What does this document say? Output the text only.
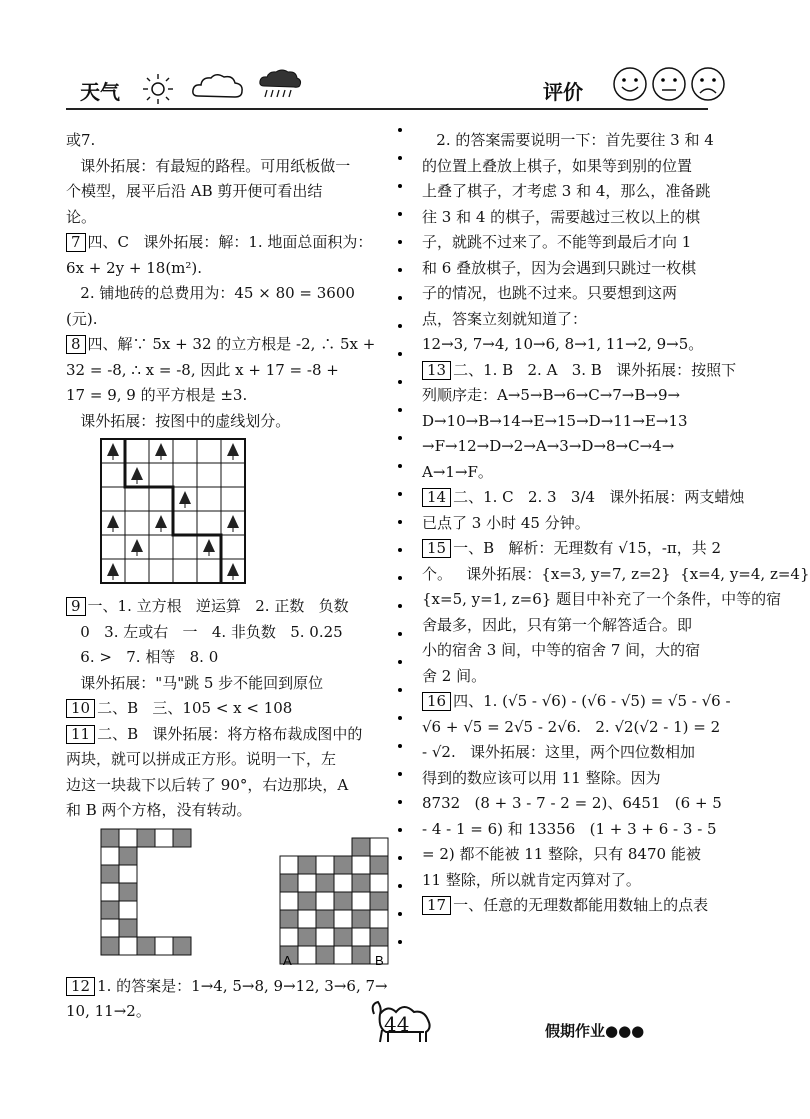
天气	评价

或7.

课外拓展：有最短的路程。可用纸板做一

个模型，展平后沿 AB 剪开便可看出结

论。

7 四、C   课外拓展：解：1. 地面总面积为：

6x + 2y + 18(m²).

2. 铺地砖的总费用为：45 × 80 = 3600

(元).

8 四、解∵ 5x + 32 的立方根是 -2, ∴ 5x +

32 = -8, ∴ x = -8, 因此 x + 17 = -8 +

17 = 9, 9 的平方根是 ±3.

课外拓展：按图中的虚线划分。

9 一、1. 立方根   逆运算   2. 正数   负数

0   3. 左或右   一   4. 非负数   5. 0.25

6. >   7. 相等   8. 0

课外拓展："马"跳 5 步不能回到原位

10 二、B   三、105 < x < 108

11 二、B   课外拓展：将方格布裁成图中的

两块，就可以拼成正方形。说明一下，左

边这一块裁下以后转了 90°，右边那块，A

和 B 两个方格，没有转动。

A	B

12 1. 的答案是：1→4, 5→8, 9→12, 3→6, 7→

10, 11→2。

2. 的答案需要说明一下：首先要往 3 和 4

的位置上叠放上棋子，如果等到别的位置

上叠了棋子，才考虑 3 和 4，那么，准备跳

往 3 和 4 的棋子，需要越过三枚以上的棋

子，就跳不过来了。不能等到最后才向 1

和 6 叠放棋子，因为会遇到只跳过一枚棋

子的情况，也跳不过来。只要想到这两

点，答案立刻就知道了：

12→3, 7→4, 10→6, 8→1, 11→2, 9→5。

13 二、1. B   2. A   3. B   课外拓展：按照下

列顺序走：A→5→B→6→C→7→B→9→

D→10→B→14→E→15→D→11→E→13

→F→12→D→2→A→3→D→8→C→4→

A→1→F。

14 二、1. C   2. 3   3/4   课外拓展：两支蜡烛

已点了 3 小时 45 分钟。

15 一、B   解析：无理数有 √15，-π，共 2

个。   课外拓展：{x=3, y=7, z=2}  {x=4, y=4, z=4}

{x=5, y=1, z=6} 题目中补充了一个条件，中等的宿

舍最多，因此，只有第一个解答适合。即

小的宿舍 3 间，中等的宿舍 7 间，大的宿

舍 2 间。

16 四、1. (√5 - √6) - (√6 - √5) = √5 - √6 -

√6 + √5 = 2√5 - 2√6.   2. √2(√2 - 1) = 2

- √2.   课外拓展：这里，两个四位数相加

得到的数应该可以用 11 整除。因为

8732   (8 + 3 - 7 - 2 = 2)、6451   (6 + 5

- 4 - 1 = 6) 和 13356   (1 + 3 + 6 - 3 - 5

= 2) 都不能被 11 整除，只有 8470 能被

11 整除，所以就肯定丙算对了。

17 一、任意的无理数都能用数轴上的点表

44	假期作业●●●
